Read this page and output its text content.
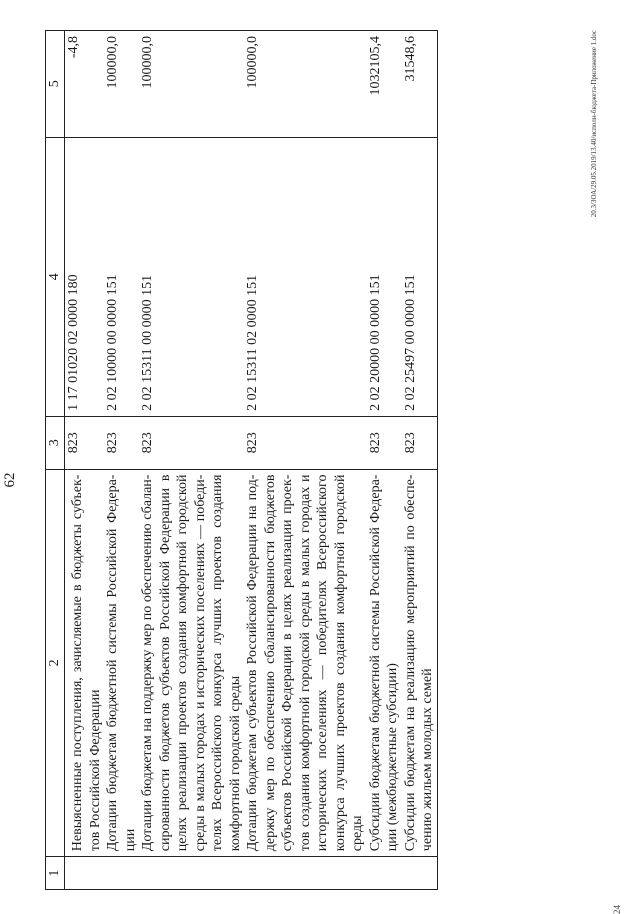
62
1	2	3	4	5
	Невыясненные поступления, зачисляемые в бюджеты субъек-тов Российской Федерации	823	1 17 01020 02 0000 180	-4,8
	Дотации бюджетам бюджетной системы Российской Федера-ции	823	2 02 10000 00 0000 151	100000,0
	Дотации бюджетам на поддержку мер по обеспечению сбалан-сированности бюджетов субъектов Российской Федерации в целях реализации проектов создания комфортной городской среды в малых городах и исторических поселениях — победи-телях Всероссийского конкурса лучших проектов создания комфортной городской среды	823	2 02 15311 00 0000 151	100000,0
	Дотации бюджетам субъектов Российской Федерации на под-держку мер по обеспечению сбалансированности бюджетов субъектов Российской Федерации в целях реализации проек-тов создания комфортной городской среды в малых городах и исторических поселениях — победителях Всероссийского конкурса лучших проектов создания комфортной городской среды	823	2 02 15311 02 0000 151	100000,0
	Субсидии бюджетам бюджетной системы Российской Федера-ции (межбюджетные субсидии)	823	2 02 20000 00 0000 151	1032105,4
	Субсидии бюджетам на реализацию мероприятий по обеспе-чению жильем молодых семей	823	2 02 25497 00 0000 151	31548,6	20.3/ЗОА/29.05.2019/13.40/исполн-бюджета-Приложение 1.doc
24
